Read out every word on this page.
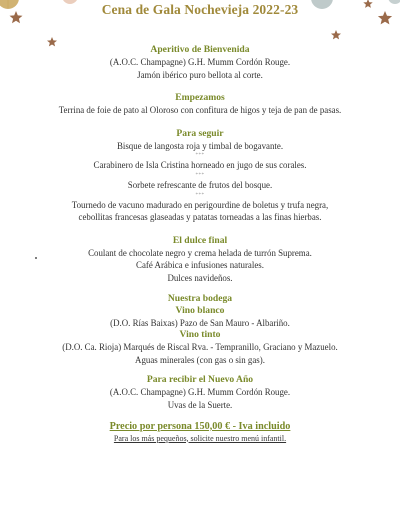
Cena de Gala Nochevieja 2022-23
Aperitivo de Bienvenida
(A.O.C. Champagne) G.H. Mumm Cordón Rouge.
Jamón ibérico puro bellota al corte.
Empezamos
Terrina de foie de pato al Oloroso con confitura de higos y teja de pan de pasas.
Para seguir
Bisque de langosta roja y timbal de bogavante.
***
Carabinero de Isla Cristina horneado en jugo de sus corales.
***
Sorbete refrescante de frutos del bosque.
***
Tournedo de vacuno madurado en perigourdine de boletus y trufa negra,
cebollitas francesas glaseadas y patatas torneadas a las finas hierbas.
El dulce final
Coulant de chocolate negro y crema helada de turrón Suprema.
Café Arábica e infusiones naturales.
Dulces navideños.
Nuestra bodega
Vino blanco
(D.O. Rías Baixas) Pazo de San Mauro - Albariño.
Vino tinto
(D.O. Ca. Rioja) Marqués de Riscal Rva. - Tempranillo, Graciano y Mazuelo.
Aguas minerales (con gas o sin gas).
Para recibir el Nuevo Año
(A.O.C. Champagne) G.H. Mumm Cordón Rouge.
Uvas de la Suerte.
Precio por persona 150,00 € - Iva incluido
Para los más pequeños, solicite nuestro menú infantil.
